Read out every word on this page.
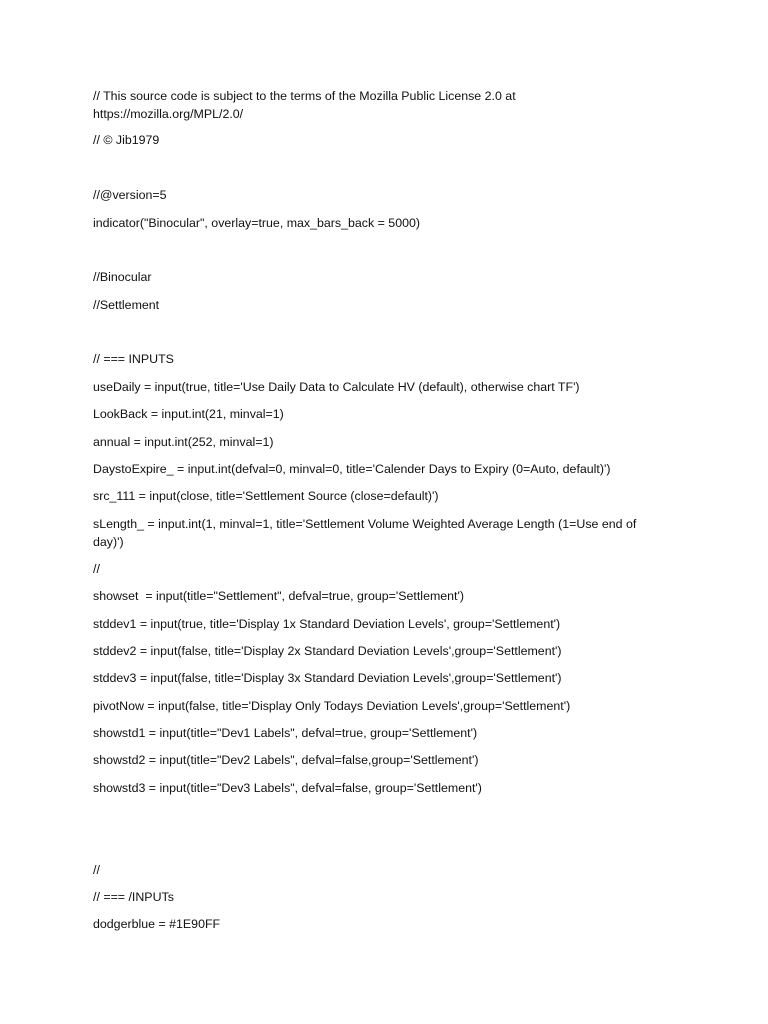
// This source code is subject to the terms of the Mozilla Public License 2.0 at
https://mozilla.org/MPL/2.0/
// © Jib1979
//@version=5
indicator("Binocular", overlay=true, max_bars_back = 5000)
//Binocular
//Settlement
// === INPUTS
useDaily = input(true, title='Use Daily Data to Calculate HV (default), otherwise chart TF')
LookBack = input.int(21, minval=1)
annual = input.int(252, minval=1)
DaystoExpire_ = input.int(defval=0, minval=0, title='Calender Days to Expiry (0=Auto, default)')
src_111 = input(close, title='Settlement Source (close=default)')
sLength_ = input.int(1, minval=1, title='Settlement Volume Weighted Average Length (1=Use end of
day)')
//
showset  = input(title="Settlement", defval=true, group='Settlement')
stddev1 = input(true, title='Display 1x Standard Deviation Levels', group='Settlement')
stddev2 = input(false, title='Display 2x Standard Deviation Levels',group='Settlement')
stddev3 = input(false, title='Display 3x Standard Deviation Levels',group='Settlement')
pivotNow = input(false, title='Display Only Todays Deviation Levels',group='Settlement')
showstd1 = input(title="Dev1 Labels", defval=true, group='Settlement')
showstd2 = input(title="Dev2 Labels", defval=false,group='Settlement')
showstd3 = input(title="Dev3 Labels", defval=false, group='Settlement')
//
// === /INPUTs
dodgerblue = #1E90FF
